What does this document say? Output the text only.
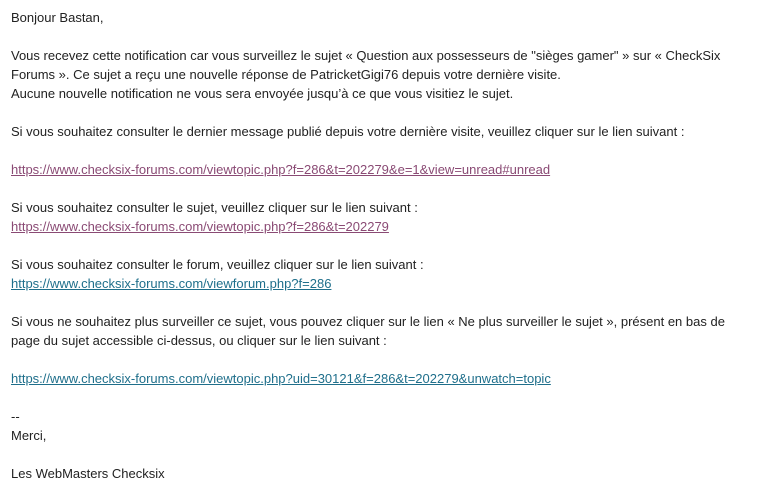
Bonjour Bastan,

Vous recevez cette notification car vous surveillez le sujet « Question aux possesseurs de "sièges gamer" » sur « CheckSix

Forums ». Ce sujet a reçu une nouvelle réponse de PatricketGigi76 depuis votre dernière visite.

Aucune nouvelle notification ne vous sera envoyée jusqu’à ce que vous visitiez le sujet.

Si vous souhaitez consulter le dernier message publié depuis votre dernière visite, veuillez cliquer sur le lien suivant :

https://www.checksix-forums.com/viewtopic.php?f=286&t=202279&e=1&view=unread#unread

Si vous souhaitez consulter le sujet, veuillez cliquer sur le lien suivant :

https://www.checksix-forums.com/viewtopic.php?f=286&t=202279

Si vous souhaitez consulter le forum, veuillez cliquer sur le lien suivant :

https://www.checksix-forums.com/viewforum.php?f=286

Si vous ne souhaitez plus surveiller ce sujet, vous pouvez cliquer sur le lien « Ne plus surveiller le sujet », présent en bas de

page du sujet accessible ci-dessus, ou cliquer sur le lien suivant :

https://www.checksix-forums.com/viewtopic.php?uid=30121&f=286&t=202279&unwatch=topic

--

Merci,

Les WebMasters Checksix
